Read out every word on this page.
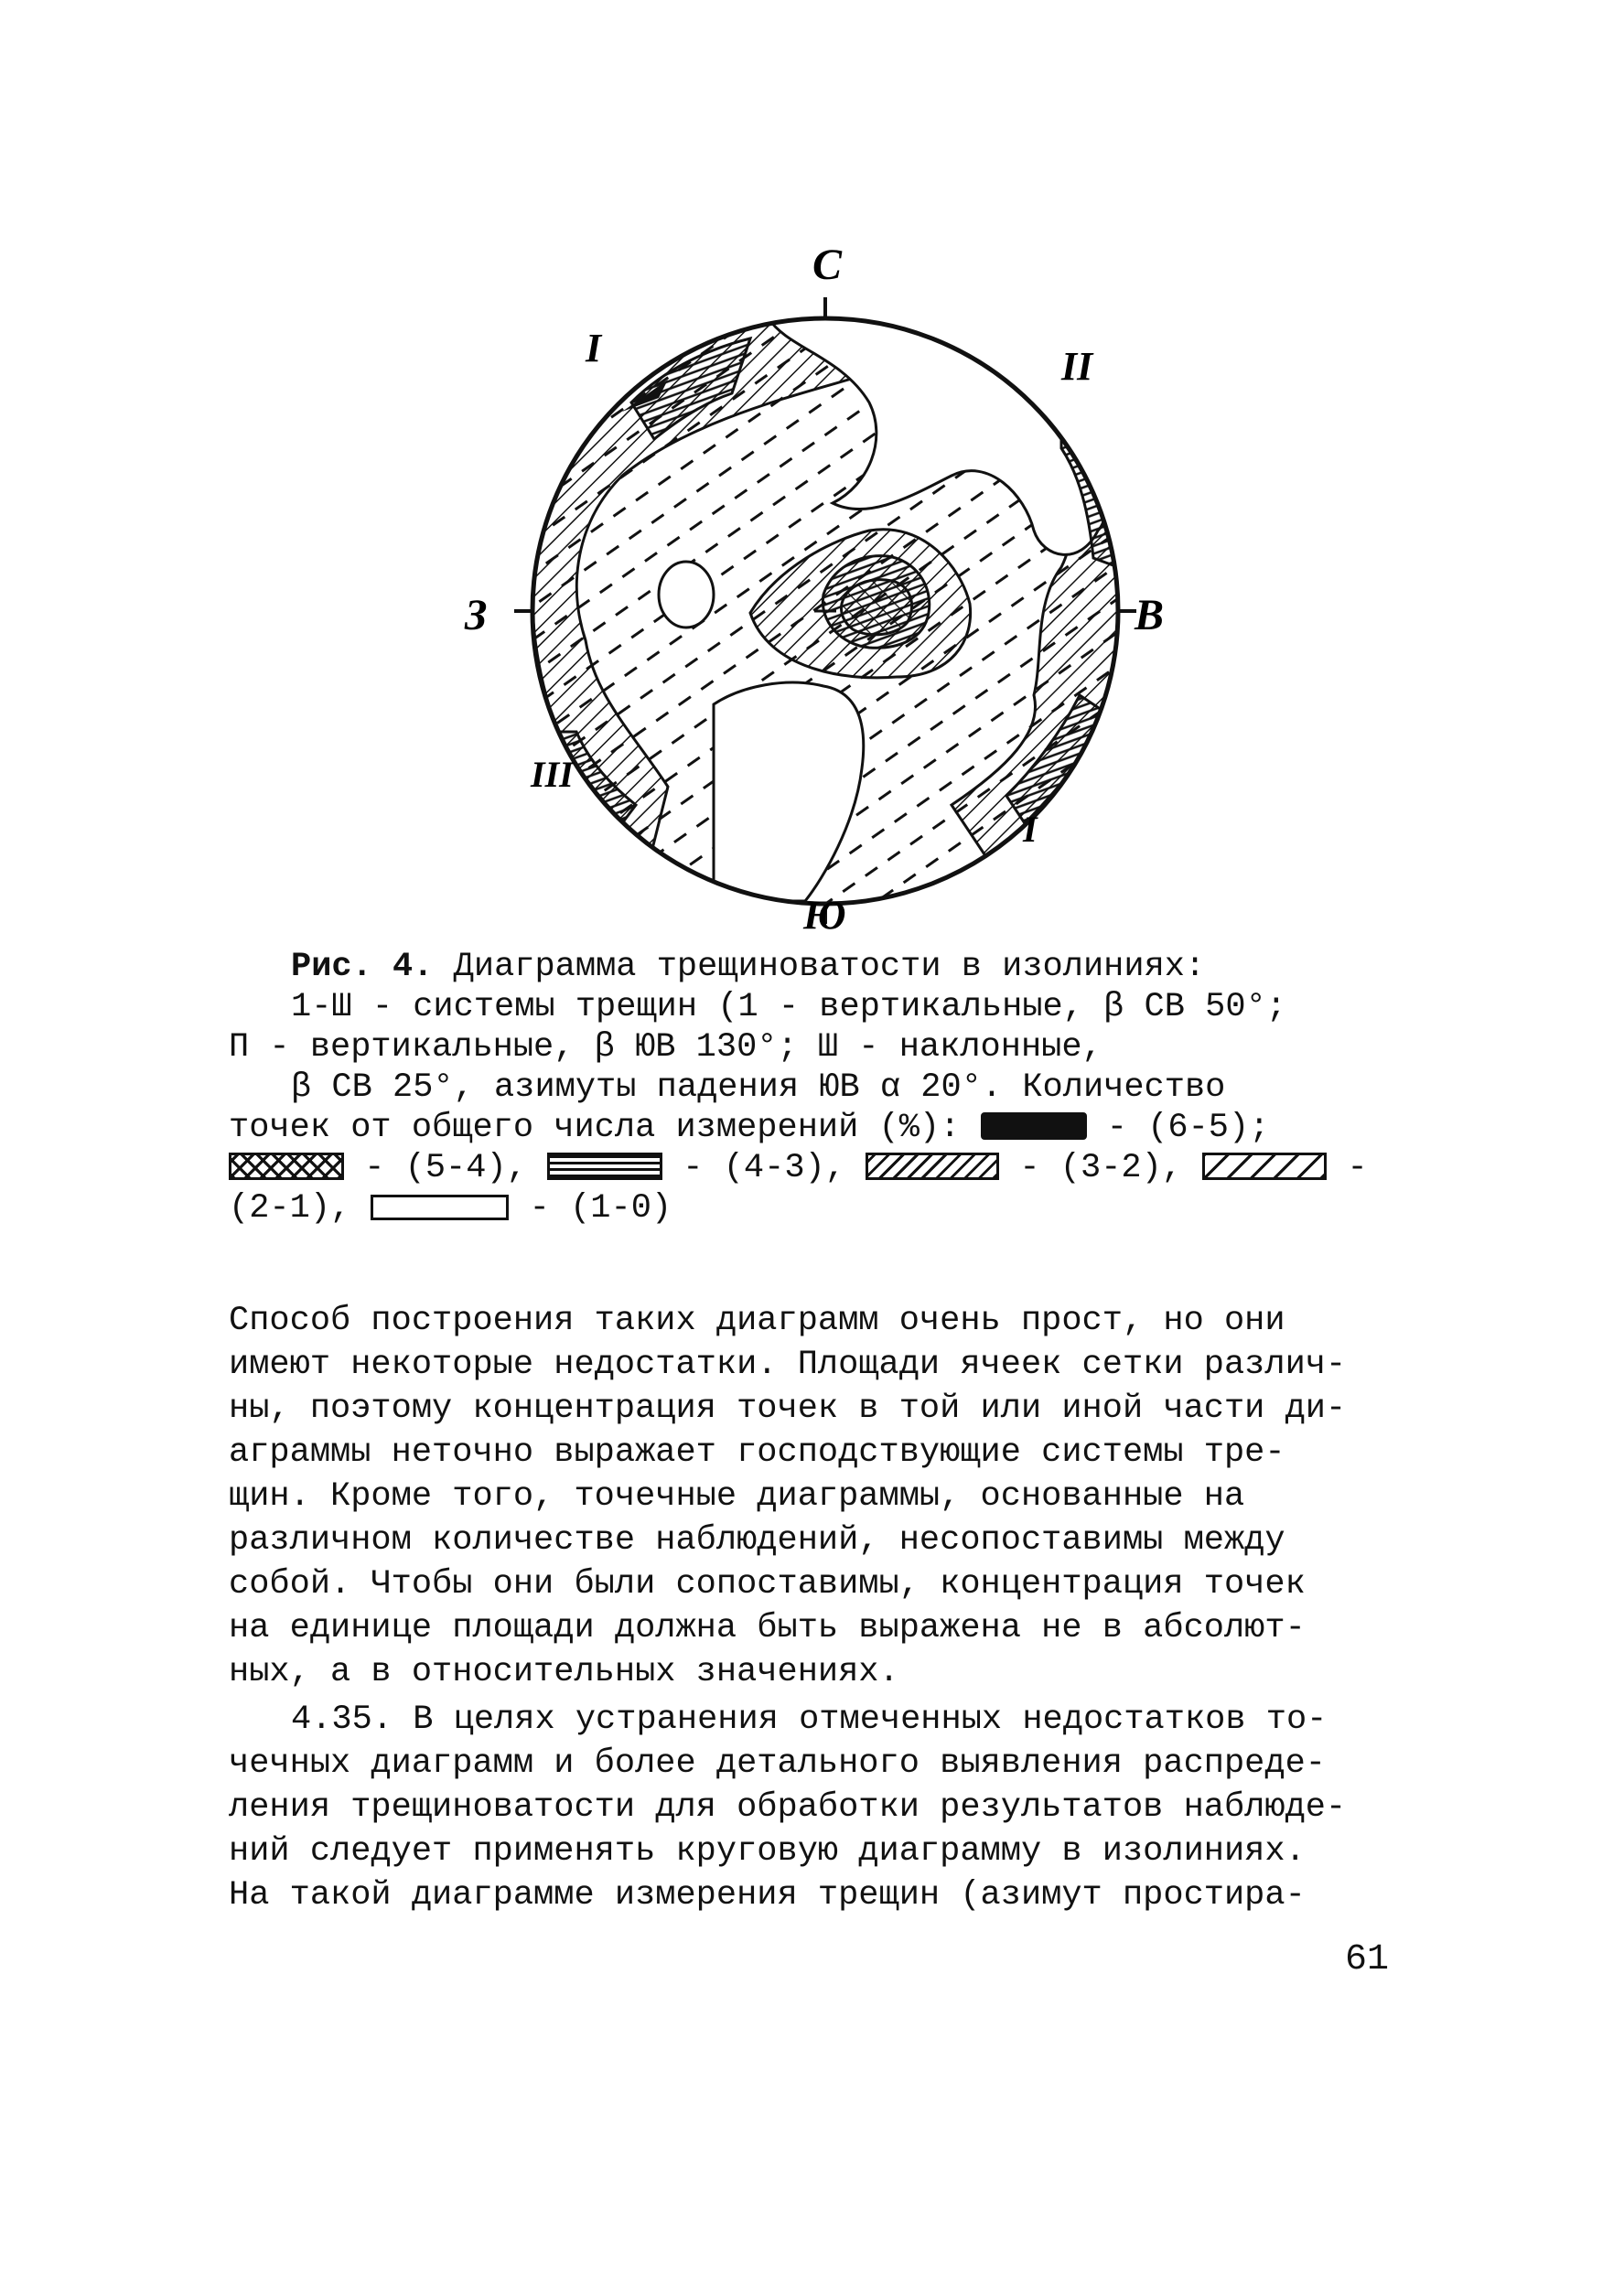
С
Ю
З	В
I	II
III
I
Рис. 4. Диаграмма трещиноватости в изолиниях:
1-Ш - системы трещин (1 - вертикальные, β СВ 50°;
П - вертикальные, β ЮВ 130°; Ш - наклонные,
β СВ 25°, азимуты падения ЮВ α 20°. Количество
точек от общего числа измерений (%):	- (6-5);
- (5-4),	- (4-3),	- (3-2),	-
(2-1),	- (1-0)
Способ построения таких диаграмм очень прост, но они
имеют некоторые недостатки. Площади ячеек сетки различ-
ны, поэтому концентрация точек в той или иной части ди-
аграммы неточно выражает господствующие системы тре-
щин. Кроме того, точечные диаграммы, основанные на
различном количестве наблюдений, несопоставимы между
собой. Чтобы они были сопоставимы, концентрация точек
на единице площади должна быть выражена не в абсолют-
ных, а в относительных значениях.
4.35. В целях устранения отмеченных недостатков то-
чечных диаграмм и более детального выявления распреде-
ления трещиноватости для обработки результатов наблюде-
ний следует применять круговую диаграмму в изолиниях.
На такой диаграмме измерения трещин (азимут простира-
61
